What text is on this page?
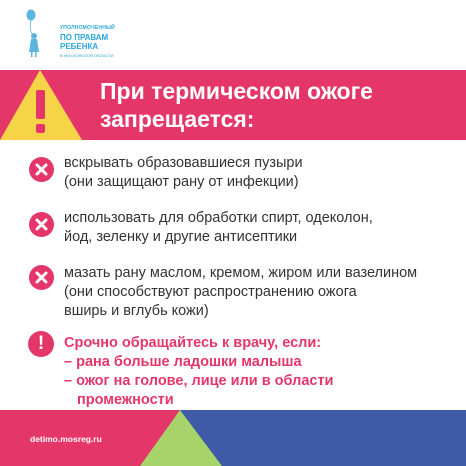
УПОЛНОМОЧЕННЫЙ
ПО ПРАВАМ
РЕБЕНКА
В МОСКОВСКОЙ ОБЛАСТИ
При термическом ожоге запрещается:
вскрывать образовавшиеся пузыри
(они защищают рану от инфекции)
использовать для обработки спирт, одеколон,
йод, зеленку и другие антисептики
мазать рану маслом, кремом, жиром или вазелином
(они способствуют распространению ожога
вширь и вглубь кожи)
!	Срочно обращайтесь к врачу, если:
– рана больше ладошки малыша
– ожог на голове, лице или в области
промежности
detimo.mosreg.ru
